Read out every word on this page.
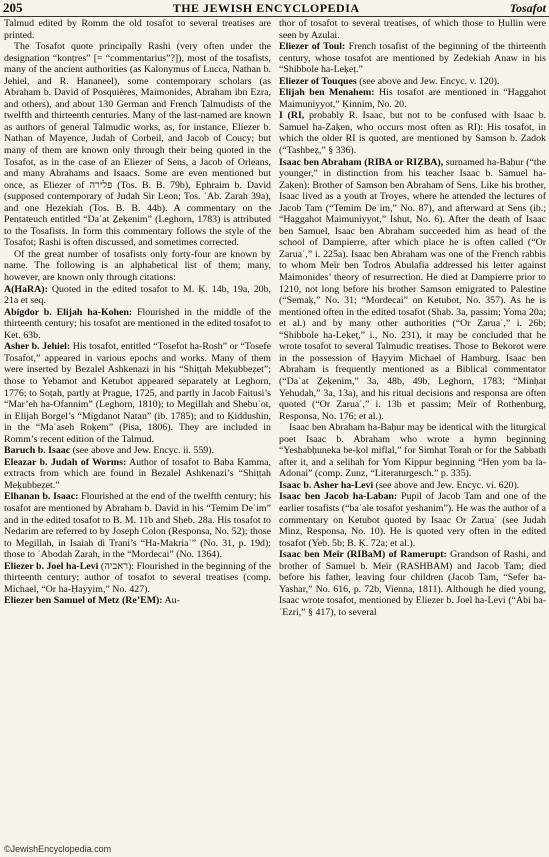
205	THE JEWISH ENCYCLOPEDIA	Tosafot

Talmud edited by Romm the old tosafot to several treatises are printed.

The Tosafot quote principally Rashi (very often under the designation “konṭres” [= “commentarius”?]), most of the tosafists, many of the ancient authorities (as Kalonymus of Lucca, Nathan b. Jehiel, and R. Hananeel), some contemporary scholars (as Abraham b. David of Posquières, Maimonides, Abraham ibn Ezra, and others), and about 130 German and French Talmudists of the twelfth and thirteenth centuries. Many of the last-named are known as authors of general Talmudic works, as, for instance, Eliezer b. Nathan of Mayence, Judah of Corbeil, and Jacob of Coucy; but many of them are known only through their being quoted in the Tosafot, as in the case of an Eliezer of Sens, a Jacob of Orleans, and many Abrahams and Isaacs. Some are even mentioned but once, as Eliezer of פלירה (Tos. B. B. 79b), Ephraim b. David (supposed contemporary of Judah Sir Leon; Tos. ʿAb. Zarah 39a), and one Hezekiah (Tos. B. B. 44b). A commentary on the Pentateuch entitled “Daʿat Ẕeḳenim” (Leghorn, 1783) is attributed to the Tosafists. In form this commentary follows the style of the Tosafot; Rashi is often discussed, and sometimes corrected.

Of the great number of tosafists only forty-four are known by name. The following is an alphabetical list of them; many, however, are known only through citations:

A(HaRA): Quoted in the edited tosafot to M. Ḳ. 14b, 19a, 20b, 21a et seq.

Abigdor b. Elijah ha-Kohen: Flourished in the middle of the thirteenth century; his tosafot are mentioned in the edited tosafot to Ket. 63b.

Asher b. Jehiel: His tosafot, entitled “Tosefot ha-Rosh” or “Tosefe Tosafot,” appeared in various epochs and works. Many of them were inserted by Bezalel Ashkenazi in his “Shiṭṭah Meḳubbeẓet”; those to Yebamot and Ketubot appeared separately at Leghorn, 1776; to Soṭah, partly at Prague, 1725, and partly in Jacob Faitusi’s “Mar’eh ha-Ofannim” (Leghorn, 1810); to Megillah and Shebuʿot, in Elijah Borgel’s “Migdanot Natan” (ib. 1785); and to Ḳiddushin, in the “Maʿaseh Roḳem” (Pisa, 1806). They are included in Romm’s recent edition of the Talmud.

Baruch b. Isaac (see above and Jew. Encyc. ii. 559).

Eleazar b. Judah of Worms: Author of tosafot to Baba Ḳamma, extracts from which are found in Bezalel Ashkenazi’s “Shiṭṭah Meḳubbeẓet.”

Elhanan b. Isaac: Flourished at the end of the twelfth century; his tosafot are mentioned by Abraham b. David in his “Temim Deʿim” and in the edited tosafot to B. M. 11b and Sheb. 28a. His tosafot to Nedarim are referred to by Joseph Colon (Responsa, No. 52); those to Megillah, in Isaiah di Trani’s “Ha-Makriaʿ” (No. 31, p. 19d); those to ʿAbodah Zarah, in the “Mordecai” (No. 1364).

Eliezer b. Joel ha-Levi (ראביה): Flourished in the beginning of the thirteenth century; author of tosafot to several treatises (comp. Michael, “Or ha-Ḥayyim,” No. 427).

Eliezer ben Samuel of Metz (Re’EM): Au-

thor of tosafot to several treatises, of which those to Ḥullin were seen by Azulai.

Eliezer of Toul: French tosafist of the beginning of the thirteenth century, whose tosafot are mentioned by Zedekiah Anaw in his “Shibbole ha-Leḳeṭ.”

Eliezer of Touques (see above and Jew. Encyc. v. 120).

Elijah ben Menahem: His tosafot are mentioned in “Haggahot Maimuniyyot,” Ḳinnim, No. 20.

I (RI, probably R. Isaac, but not to be confused with Isaac b. Samuel ha-Zaḳen, who occurs most often as RI): His tosafot, in which the older RI is quoted, are mentioned by Samson b. Zadok (“Tashbeẓ,” § 336).

Isaac ben Abraham (RIBA or RIẒBA), surnamed ha-Baḥur (“the younger,” in distinction from his teacher Isaac b. Samuel ha-Zaḳen): Brother of Samson ben Abraham of Sens. Like his brother, Isaac lived as a youth at Troyes, where he attended the lectures of Jacob Tam (“Temim Deʿim,” No. 87), and afterward at Sens (ib.; “Haggahot Maimuniyyot,” Ishut, No. 6). After the death of Isaac ben Samuel, Isaac ben Abraham succeeded him as head of the school of Dampierre, after which place he is often called (“Or Zaruaʿ,” i. 225a). Isaac ben Abraham was one of the French rabbis to whom Meïr ben Todros Abulafia addressed his letter against Maimonides’ theory of resurrection. He died at Dampierre prior to 1210, not long before his brother Samson emigrated to Palestine (“Semaḳ,” No. 31; “Mordecai” on Ketubot, No. 357). As he is mentioned often in the edited tosafot (Shab. 3a, passim; Yoma 20a; et al.) and by many other authorities (“Or Zaruaʿ,” i. 26b; “Shibbole ha-Leḳeṭ,” i., No. 231), it may be concluded that he wrote tosafot to several Talmudic treatises. Those to Bekorot were in the possession of Ḥayyim Michael of Hamburg. Isaac ben Abraham is frequently mentioned as a Biblical commentator (“Daʿat Ẕeḳenim,” 3a, 48b, 49b, Leghorn, 1783; “Minḥat Yehudah,” 3a, 13a), and his ritual decisions and responsa are often quoted (“Or Zaruaʿ,” i. 13b et passim; Meïr of Rothenburg, Responsa, No. 176; et al.).

Isaac ben Abraham ha-Baḥur may be identical with the liturgical poet Isaac b. Abraham who wrote a hymn beginning “Yeshabḥuneka be-ḳol miflal,” for Simhat Torah or for the Sabbath after it, and a selihah for Yom Kippur beginning “Hen yom ba la-Adonai” (comp. Zunz, “Literaturgesch.” p. 335).

Isaac b. Asher ha-Levi (see above and Jew. Encyc. vi. 620).

Isaac ben Jacob ha-Laban: Pupil of Jacob Tam and one of the earlier tosafists (“baʿale tosafot yeshanim”). He was the author of a commentary on Ketubot quoted by Isaac Or Zaruaʿ (see Judah Minz, Responsa, No. 10). He is quoted very often in the edited tosafot (Yeb. 5b; B. Ḳ. 72a; et al.).

Isaac ben Meïr (RIBaM) of Ramerupt: Grandson of Rashi, and brother of Samuel b. Meïr (RASHBAM) and Jacob Tam; died before his father, leaving four children (Jacob Tam, “Sefer ha-Yashar,” No. 616, p. 72b, Vienna, 1811). Although he died young, Isaac wrote tosafot, mentioned by Eliezer b. Joel ha-Levi (“Abi ha-ʿEzri,” § 417), to several

©JewishEncyclopedia.com
